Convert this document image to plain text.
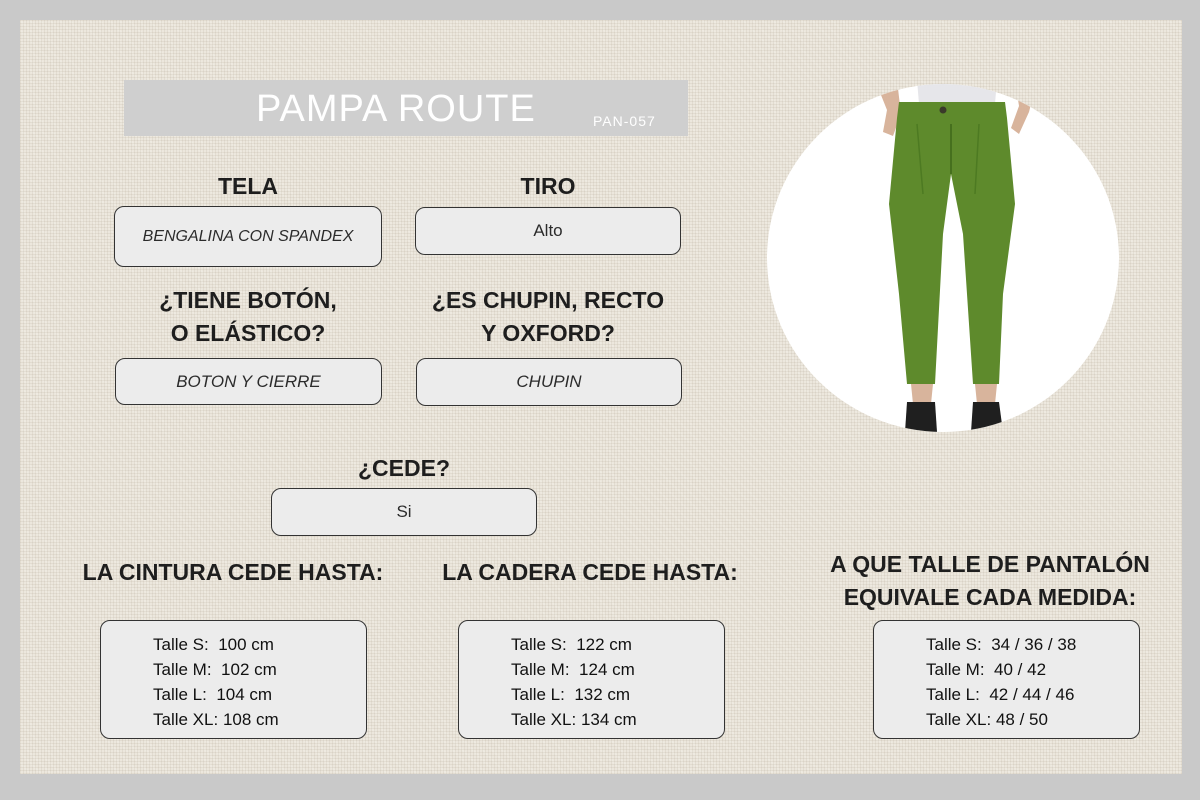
PAMPA ROUTE	PAN-057
TELA
BENGALINA CON SPANDEX
TIRO
Alto
¿TIENE BOTÓN,
O ELÁSTICO?
BOTON Y CIERRE
¿ES CHUPIN, RECTO
Y OXFORD?
CHUPIN
¿CEDE?
Si
LA CINTURA CEDE HASTA:
Talle S: 100 cm
Talle M: 102 cm
Talle L: 104 cm
Talle XL: 108 cm
LA CADERA CEDE HASTA:
Talle S: 122 cm
Talle M: 124 cm
Talle L: 132 cm
Talle XL: 134 cm
A QUE TALLE DE PANTALÓN
EQUIVALE CADA MEDIDA:
Talle S: 34 / 36 / 38
Talle M: 40 / 42
Talle L: 42 / 44 / 46
Talle XL: 48 / 50
